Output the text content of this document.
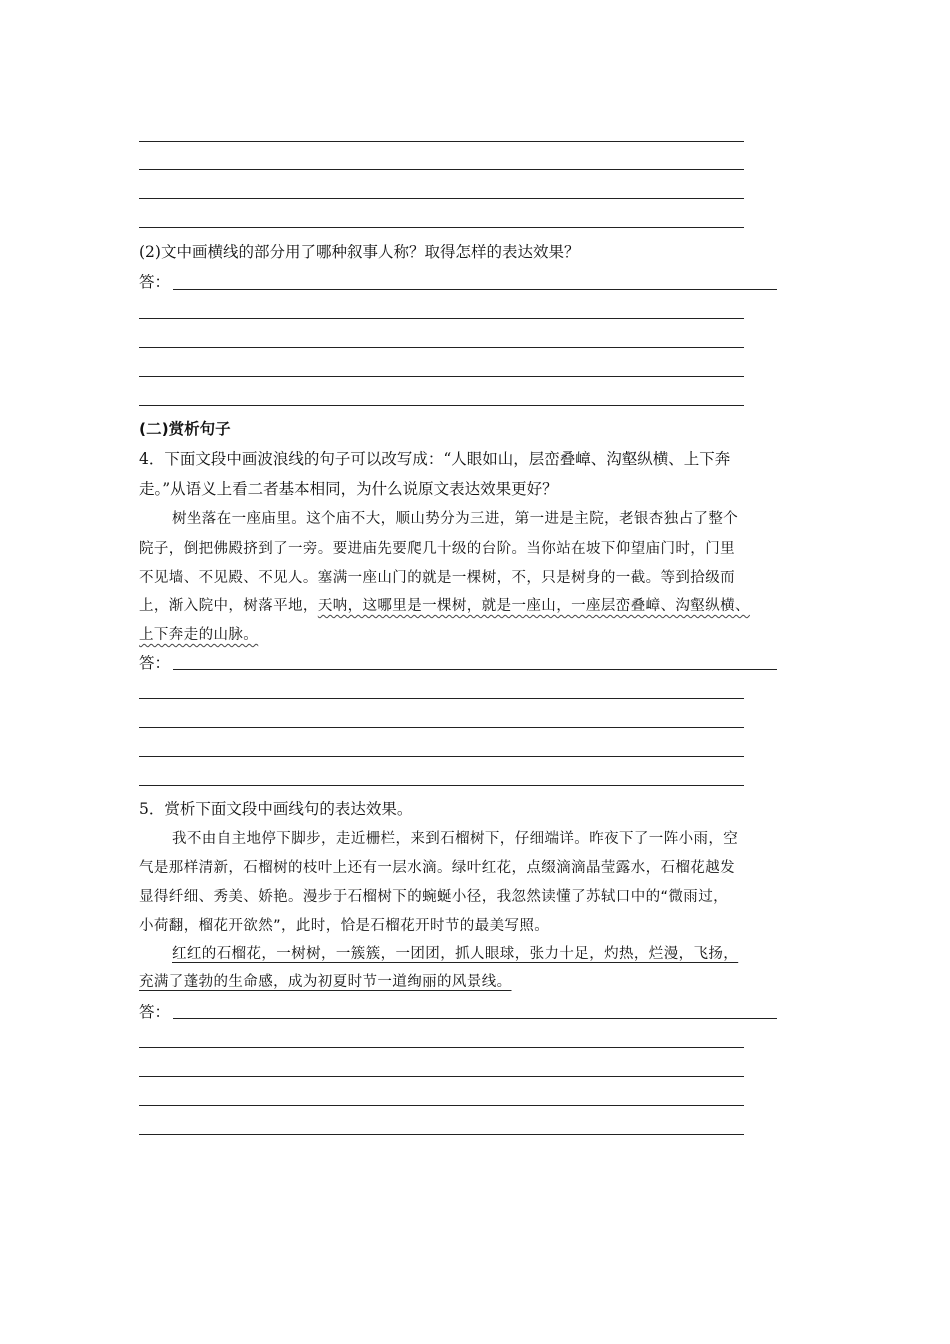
(2)文中画横线的部分用了哪种叙事人称？取得怎样的表达效果？
答：
(二)赏析句子
4．下面文段中画波浪线的句子可以改写成：“人眼如山，层峦叠嶂、沟壑纵横、上下奔
走。”从语义上看二者基本相同，为什么说原文表达效果更好？
树坐落在一座庙里。这个庙不大，顺山势分为三进，第一进是主院，老银杏独占了整个
院子，倒把佛殿挤到了一旁。要进庙先要爬几十级的台阶。当你站在坡下仰望庙门时，门里
不见墙、不见殿、不见人。塞满一座山门的就是一棵树，不，只是树身的一截。等到拾级而
上，渐入院中，树落平地，天呐，这哪里是一棵树，就是一座山，一座层峦叠嶂、沟壑纵横、
上下奔走的山脉。
答：
5．赏析下面文段中画线句的表达效果。
我不由自主地停下脚步，走近栅栏，来到石榴树下，仔细端详。昨夜下了一阵小雨，空
气是那样清新，石榴树的枝叶上还有一层水滴。绿叶红花，点缀滴滴晶莹露水，石榴花越发
显得纤细、秀美、娇艳。漫步于石榴树下的蜿蜒小径，我忽然读懂了苏轼口中的“微雨过，
小荷翻，榴花开欲然”，此时，恰是石榴花开时节的最美写照。
红红的石榴花，一树树，一簇簇，一团团，抓人眼球，张力十足，灼热，烂漫，飞扬，
充满了蓬勃的生命感，成为初夏时节一道绚丽的风景线。
答：
